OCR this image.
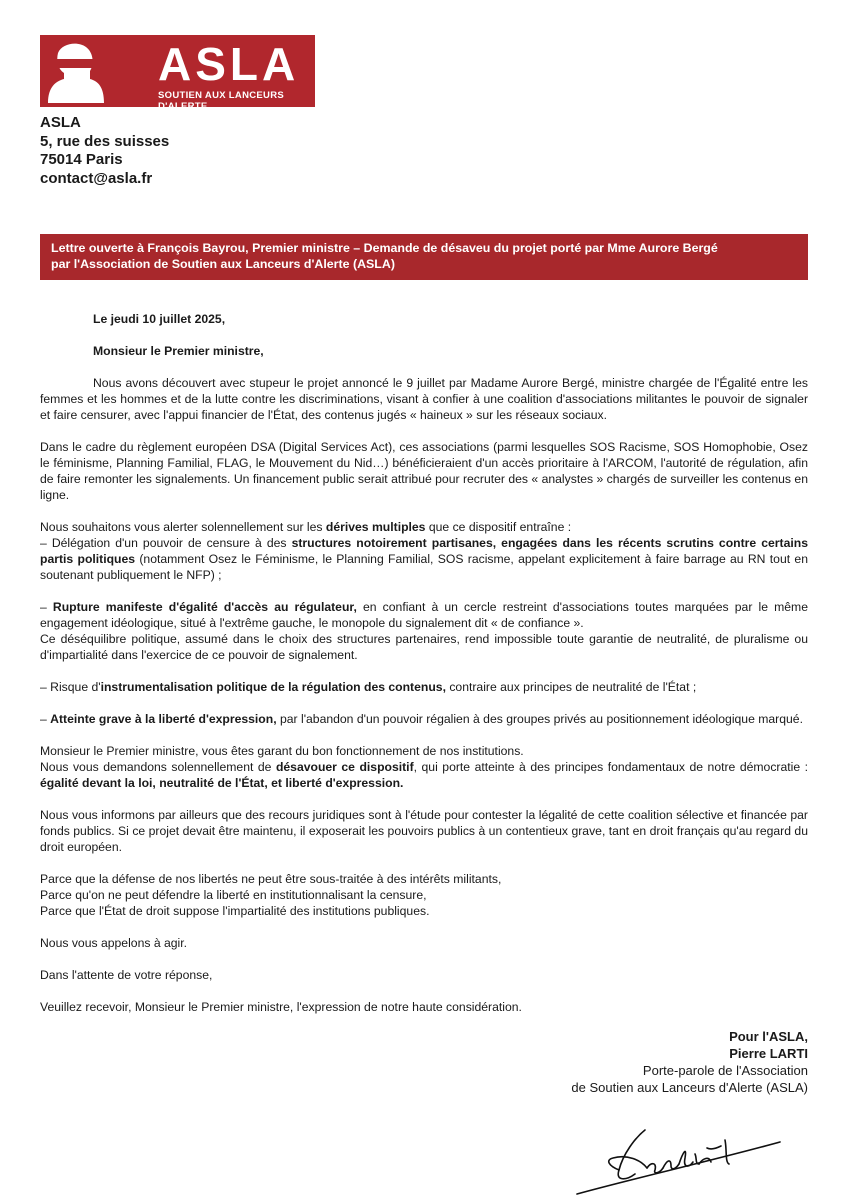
ASLA
SOUTIEN AUX LANCEURS D'ALERTE
ASLA
5, rue des suisses
75014 Paris
contact@asla.fr
Lettre ouverte à François Bayrou, Premier ministre – Demande de désaveu du projet porté par Mme Aurore Bergé
par l'Association de Soutien aux Lanceurs d'Alerte (ASLA)

Le jeudi 10 juillet 2025,

Monsieur le Premier ministre,

Nous avons découvert avec stupeur le projet annoncé le 9 juillet par Madame Aurore Bergé, ministre chargée de l'Égalité entre les femmes et les hommes et de la lutte contre les discriminations, visant à confier à une coalition d'associations militantes le pouvoir de signaler et faire censurer, avec l'appui financier de l'État, des contenus jugés « haineux » sur les réseaux sociaux.

Dans le cadre du règlement européen DSA (Digital Services Act), ces associations (parmi lesquelles SOS Racisme, SOS Homophobie, Osez le féminisme, Planning Familial, FLAG, le Mouvement du Nid…) bénéficieraient d'un accès prioritaire à l'ARCOM, l'autorité de régulation, afin de faire remonter les signalements. Un financement public serait attribué pour recruter des « analystes » chargés de surveiller les contenus en ligne.

Nous souhaitons vous alerter solennellement sur les dérives multiples que ce dispositif entraîne :

– Délégation d'un pouvoir de censure à des structures notoirement partisanes, engagées dans les récents scrutins contre certains partis politiques (notamment Osez le Féminisme, le Planning Familial, SOS racisme, appelant explicitement à faire barrage au RN tout en soutenant publiquement le NFP) ;

– Rupture manifeste d'égalité d'accès au régulateur, en confiant à un cercle restreint d'associations toutes marquées par le même engagement idéologique, situé à l'extrême gauche, le monopole du signalement dit « de confiance ».

Ce déséquilibre politique, assumé dans le choix des structures partenaires, rend impossible toute garantie de neutralité, de pluralisme ou d'impartialité dans l'exercice de ce pouvoir de signalement.

– Risque d'instrumentalisation politique de la régulation des contenus, contraire aux principes de neutralité de l'État ;

– Atteinte grave à la liberté d'expression, par l'abandon d'un pouvoir régalien à des groupes privés au positionnement idéologique marqué.

Monsieur le Premier ministre, vous êtes garant du bon fonctionnement de nos institutions.

Nous vous demandons solennellement de désavouer ce dispositif, qui porte atteinte à des principes fondamentaux de notre démocratie : égalité devant la loi, neutralité de l'État, et liberté d'expression.

Nous vous informons par ailleurs que des recours juridiques sont à l'étude pour contester la légalité de cette coalition sélective et financée par fonds publics. Si ce projet devait être maintenu, il exposerait les pouvoirs publics à un contentieux grave, tant en droit français qu'au regard du droit européen.

Parce que la défense de nos libertés ne peut être sous-traitée à des intérêts militants,

Parce qu'on ne peut défendre la liberté en institutionnalisant la censure,

Parce que l'État de droit suppose l'impartialité des institutions publiques.

Nous vous appelons à agir.

Dans l'attente de votre réponse,

Veuillez recevoir, Monsieur le Premier ministre, l'expression de notre haute considération.

Pour l'ASLA,
Pierre LARTI
Porte-parole de l'Association
de Soutien aux Lanceurs d'Alerte (ASLA)
